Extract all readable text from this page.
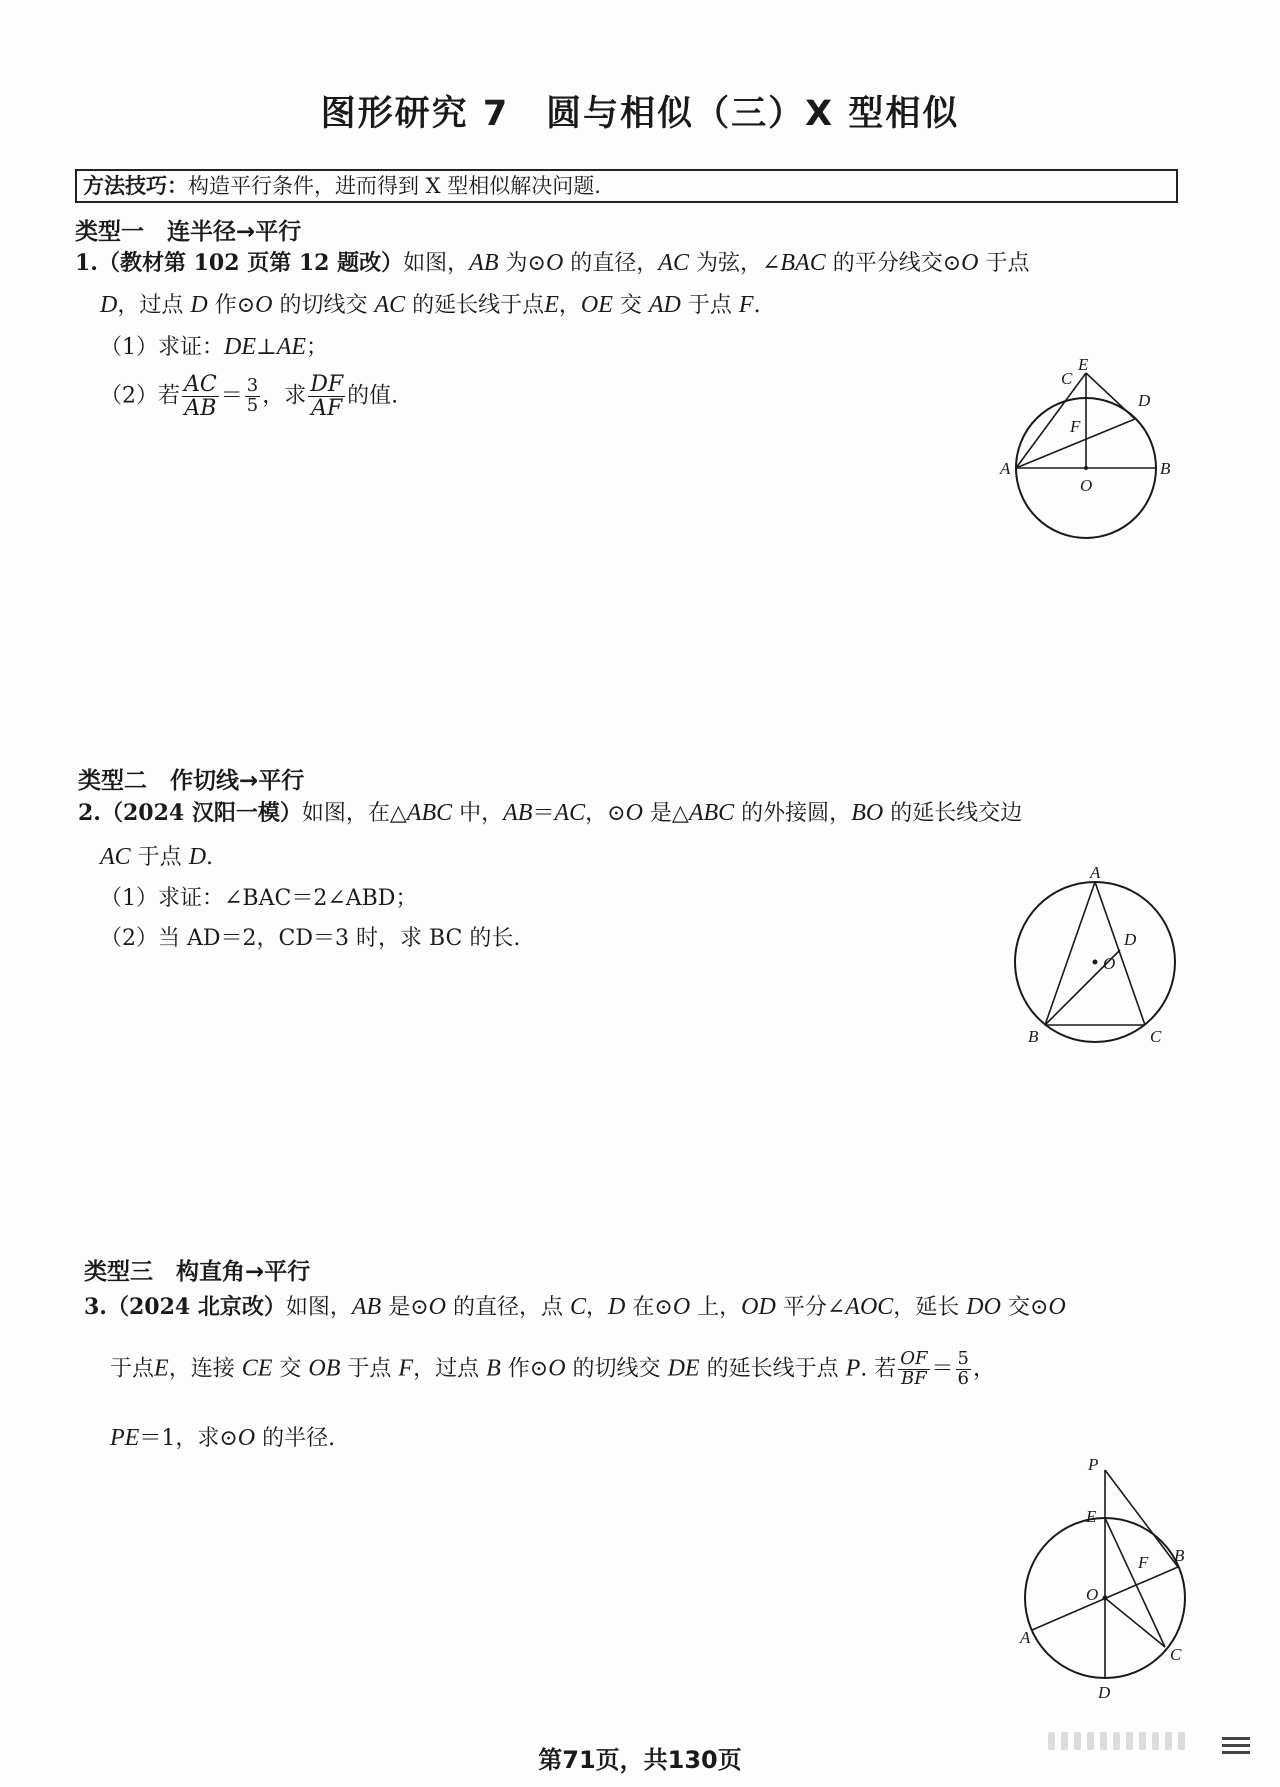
图形研究 7　圆与相似（三）X 型相似
方法技巧：构造平行条件，进而得到 X 型相似解决问题.
类型一　连半径→平行
1.（教材第 102 页第 12 题改）如图，AB 为⊙O 的直径，AC 为弦，∠BAC 的平分线交⊙O 于点
D，过点 D 作⊙O 的切线交 AC 的延长线于点E，OE 交 AD 于点 F.
（1）求证：DE⊥AE；
（2）若 $\frac{AC}{AB} = \frac{3}{5}$ ，求 $\frac{DF}{AF}$ 的值.
E
C
D
F
A	B
O
类型二　作切线→平行
2.（2024 汉阳一模）如图，在△ABC 中，AB＝AC，⊙O 是△ABC 的外接圆，BO 的延长线交边
AC 于点 D.
（1）求证：∠BAC＝2∠ABD；
（2）当 AD＝2，CD＝3 时，求 BC 的长.
A
D
O
B	C
类型三　构直角→平行
3.（2024 北京改）如图，AB 是⊙O 的直径，点 C，D 在⊙O 上，OD 平分∠AOC，延长 DO 交⊙O
于点E，连接 CE 交 OB 于点 F，过点 B 作⊙O 的切线交 DE 的延长线于点 P. 若 $\frac{OF}{BF} = \frac{5}{6}$ ，
PE＝1，求⊙O 的半径.
P
E
B
F
O
A
C
D
第71页，共130页
